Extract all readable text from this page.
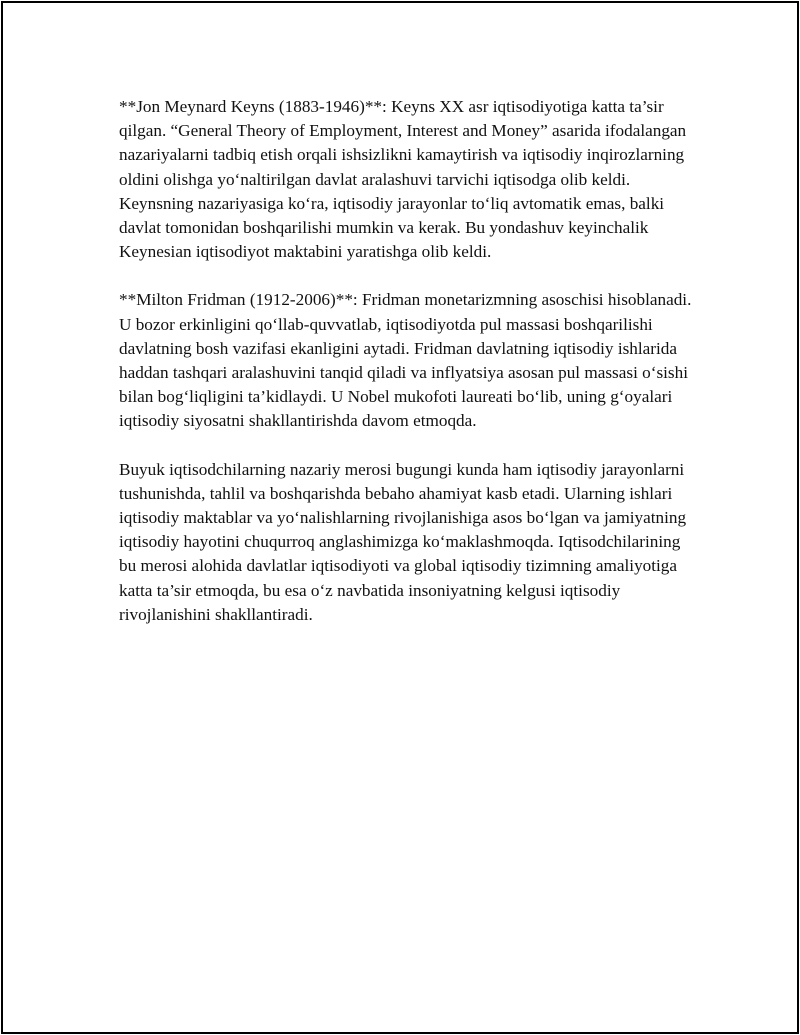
**Jon Meynard Keyns (1883-1946)**: Keyns XX asr iqtisodiyotiga katta ta’sir qilgan. “General Theory of Employment, Interest and Money” asarida ifodalangan nazariyalarni tadbiq etish orqali ishsizlikni kamaytirish va iqtisodiy inqirozlarning oldini olishga yo‘naltirilgan davlat aralashuvi tarvichi iqtisodga olib keldi. Keynsning nazariyasiga ko‘ra, iqtisodiy jarayonlar to‘liq avtomatik emas, balki davlat tomonidan boshqarilishi mumkin va kerak. Bu yondashuv keyinchalik Keynesian iqtisodiyot maktabini yaratishga olib keldi.

**Milton Fridman (1912-2006)**: Fridman monetarizmning asoschisi hisoblanadi. U bozor erkinligini qo‘llab-quvvatlab, iqtisodiyotda pul massasi boshqarilishi davlatning bosh vazifasi ekanligini aytadi. Fridman davlatning iqtisodiy ishlarida haddan tashqari aralashuvini tanqid qiladi va inflyatsiya asosan pul massasi o‘sishi bilan bog‘liqligini ta’kidlaydi. U Nobel mukofoti laureati bo‘lib, uning g‘oyalari iqtisodiy siyosatni shakllantirishda davom etmoqda.

Buyuk iqtisodchilarning nazariy merosi bugungi kunda ham iqtisodiy jarayonlarni tushunishda, tahlil va boshqarishda bebaho ahamiyat kasb etadi. Ularning ishlari iqtisodiy maktablar va yo‘nalishlarning rivojlanishiga asos bo‘lgan va jamiyatning iqtisodiy hayotini chuqurroq anglashimizga ko‘maklashmoqda. Iqtisodchilarining bu merosi alohida davlatlar iqtisodiyoti va global iqtisodiy tizimning amaliyotiga katta ta’sir etmoqda, bu esa o‘z navbatida insoniyatning kelgusi iqtisodiy rivojlanishini shakllantiradi.
